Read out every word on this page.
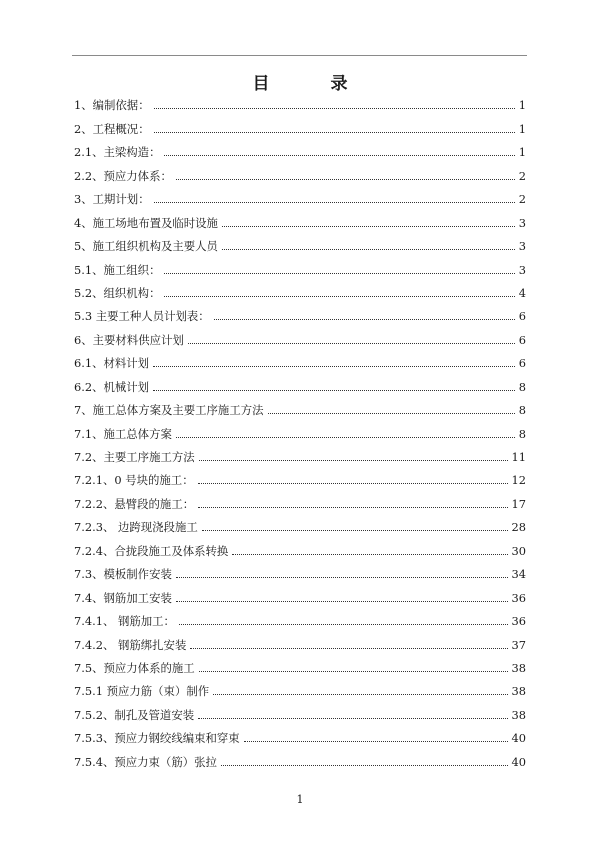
目　录
1、编制依据：	1
2、工程概况：	1
2.1、主梁构造：	1
2.2、预应力体系：	2
3、工期计划：	2
4、施工场地布置及临时设施	3
5、施工组织机构及主要人员	3
5.1、施工组织：	3
5.2、组织机构：	4
5.3 主要工种人员计划表：	6
6、主要材料供应计划	6
6.1、材料计划	6
6.2、机械计划	8
7、施工总体方案及主要工序施工方法	8
7.1、施工总体方案	8
7.2、主要工序施工方法	11
7.2.1、0 号块的施工：	12
7.2.2、悬臂段的施工：	17
7.2.3、 边跨现浇段施工	28
7.2.4、合拢段施工及体系转换	30
7.3、模板制作安装	34
7.4、钢筋加工安装	36
7.4.1、 钢筋加工：	36
7.4.2、 钢筋绑扎安装	37
7.5、预应力体系的施工	38
7.5.1 预应力筋（束）制作	38
7.5.2、制孔及管道安装	38
7.5.3、预应力钢绞线编束和穿束	40
7.5.4、预应力束（筋）张拉	40
1
